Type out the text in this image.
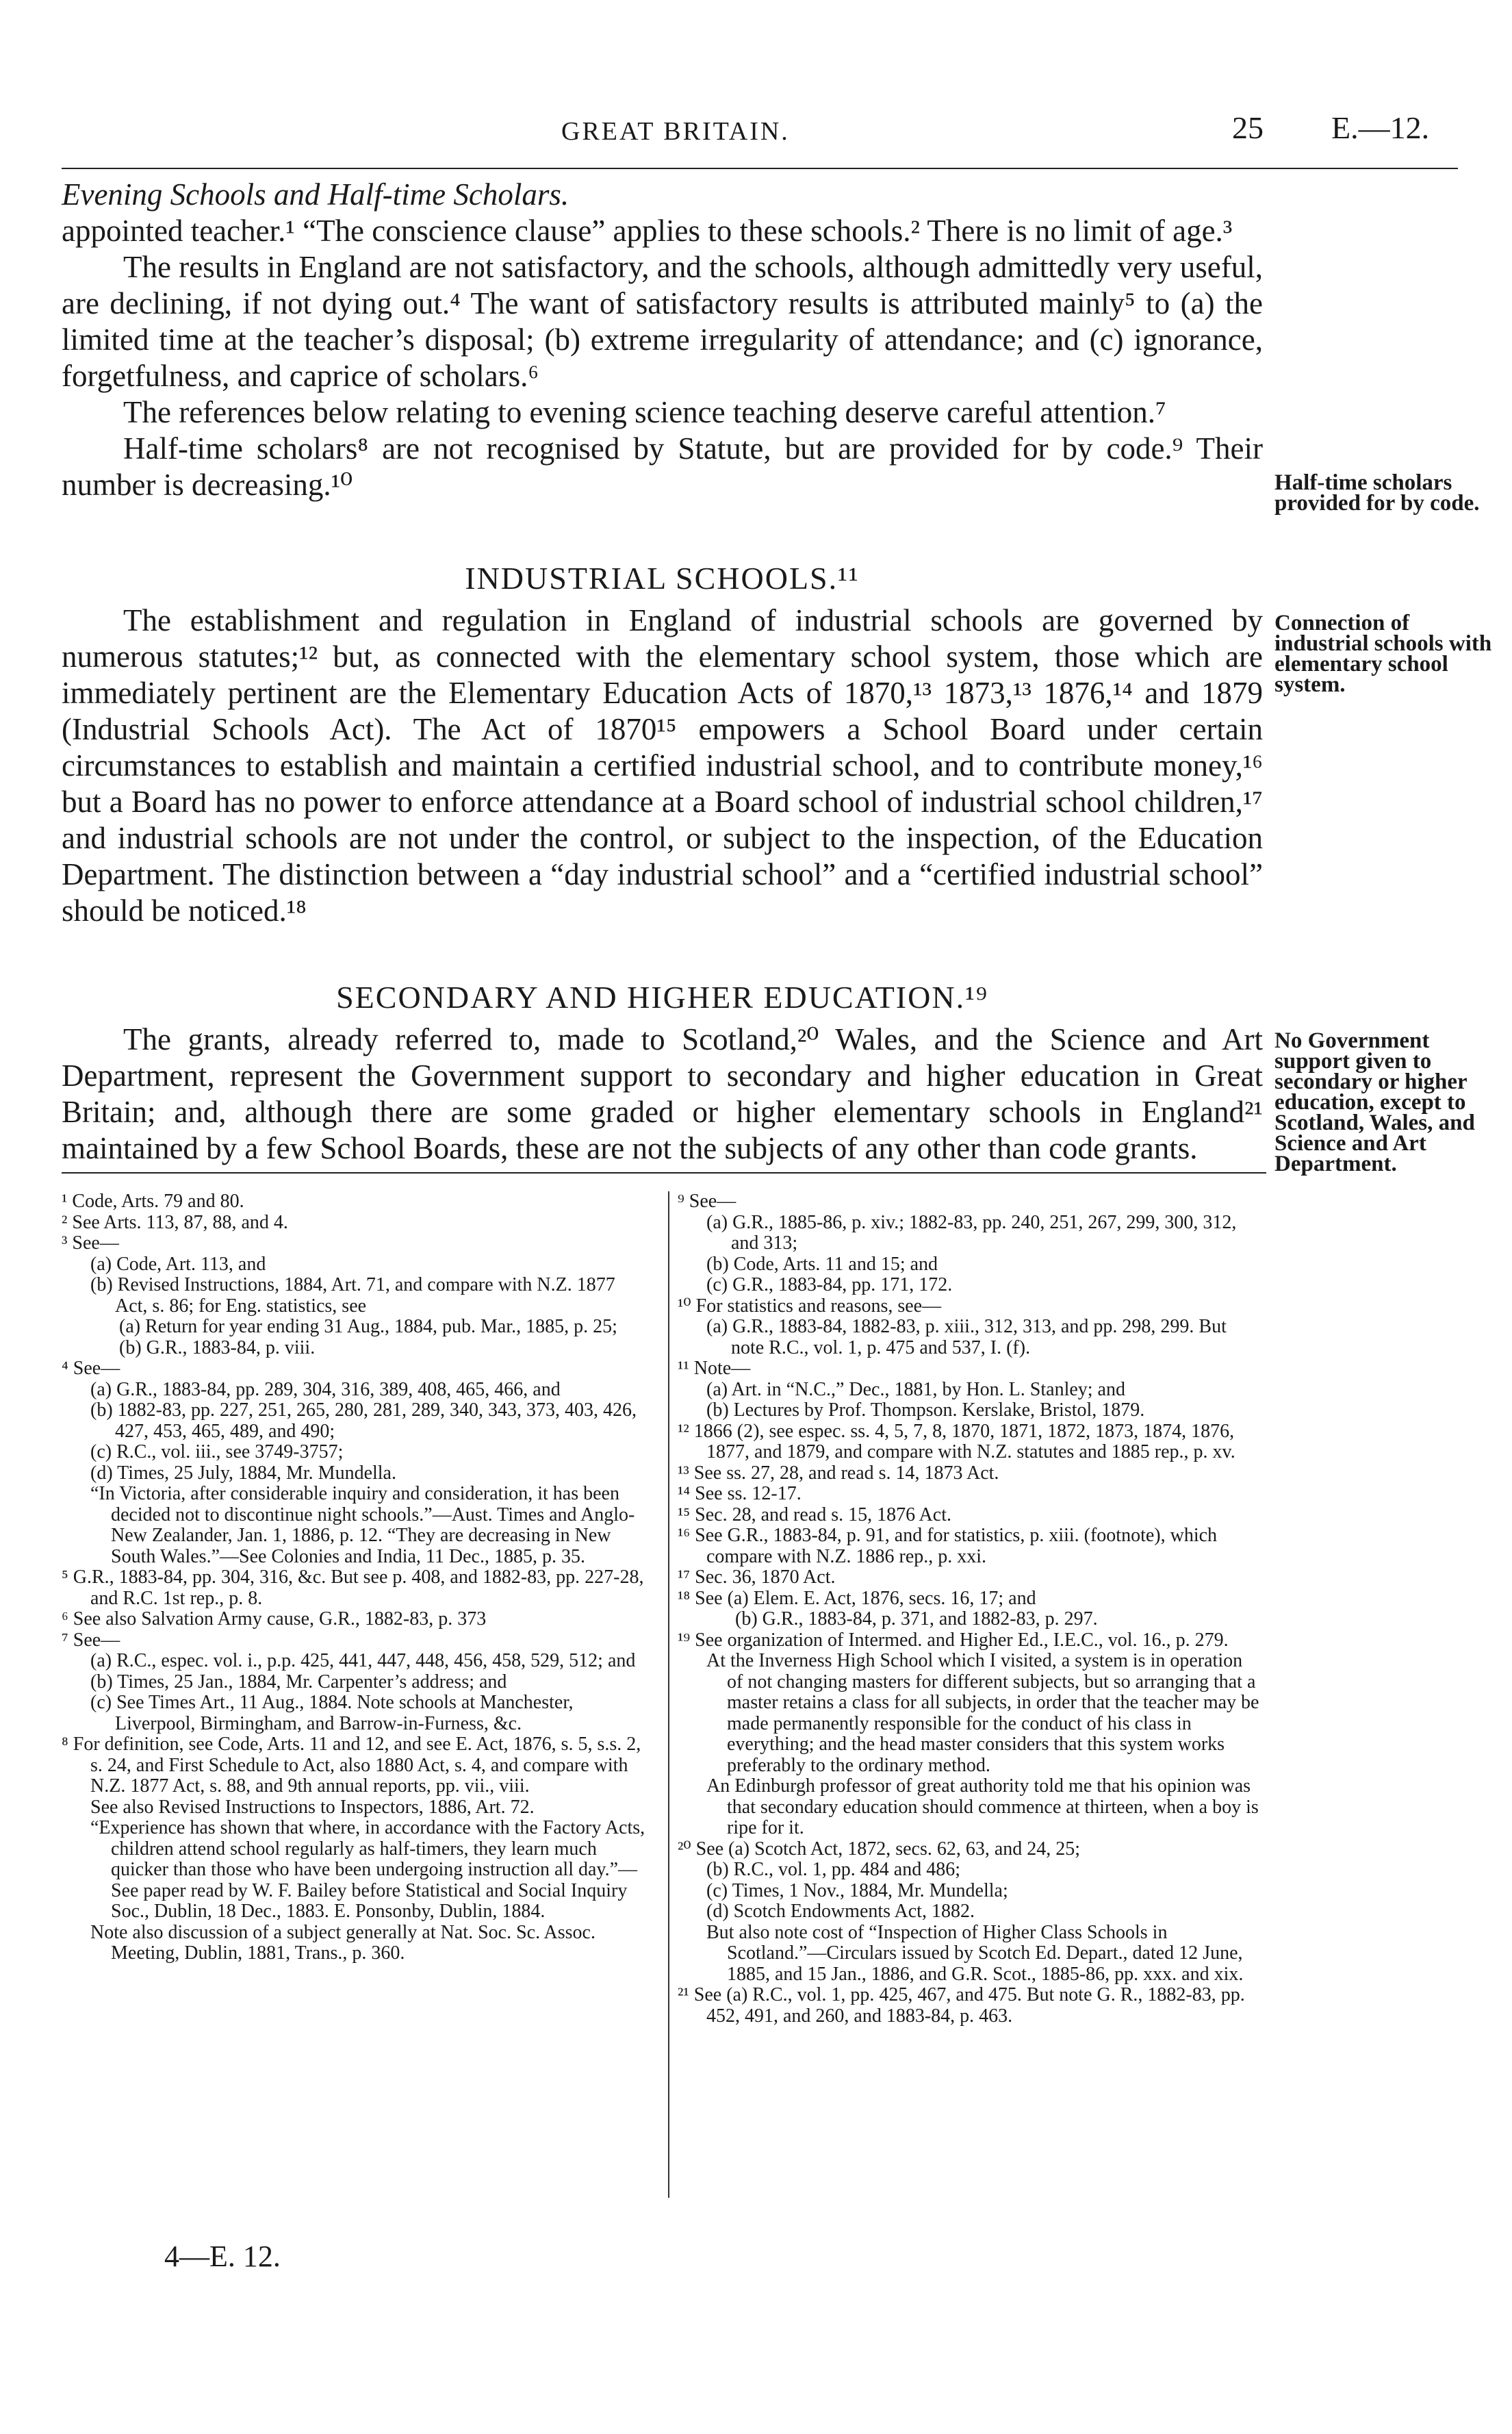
GREAT BRITAIN.	25 E.—12.

Evening Schools and Half-time Scholars.

appointed teacher.¹ “The conscience clause” applies to these schools.² There is no limit of age.³

The results in England are not satisfactory, and the schools, although admittedly very useful, are declining, if not dying out.⁴ The want of satisfactory results is attributed mainly⁵ to (a) the limited time at the teacher’s disposal; (b) extreme irregularity of attendance; and (c) ignorance, forgetfulness, and caprice of scholars.⁶

The references below relating to evening science teaching deserve careful attention.⁷

Half-time scholars⁸ are not recognised by Statute, but are provided for by code.⁹ Their number is decreasing.¹⁰	Half-time scholars provided for by code.
INDUSTRIAL SCHOOLS.¹¹

The establishment and regulation in England of industrial schools are governed by numerous statutes;¹² but, as connected with the elementary school system, those which are immediately pertinent are the Elementary Education Acts of 1870,¹³ 1873,¹³ 1876,¹⁴ and 1879 (Industrial Schools Act). The Act of 1870¹⁵ empowers a School Board under certain circumstances to establish and maintain a certified industrial school, and to contribute money,¹⁶ but a Board has no power to enforce attendance at a Board school of industrial school children,¹⁷ and industrial schools are not under the control, or subject to the inspection, of the Education Department. The distinction between a “day industrial school” and a “certified industrial school” should be noticed.¹⁸

Connection of industrial schools with elementary school system.
SECONDARY AND HIGHER EDUCATION.¹⁹

The grants, already referred to, made to Scotland,²⁰ Wales, and the Science and Art Department, represent the Government support to secondary and higher education in Great Britain; and, although there are some graded or higher elementary schools in England²¹ maintained by a few School Boards, these are not the subjects of any other than code grants.

No Government support given to secondary or higher education, except to Scotland, Wales, and Science and Art Department.

¹ Code, Arts. 79 and 80.

² See Arts. 113, 87, 88, and 4.

³ See—

(a) Code, Art. 113, and

(b) Revised Instructions, 1884, Art. 71, and compare with N.Z. 1877 Act, s. 86; for Eng. statistics, see

(a) Return for year ending 31 Aug., 1884, pub. Mar., 1885, p. 25;

(b) G.R., 1883-84, p. viii.

⁴ See—

(a) G.R., 1883-84, pp. 289, 304, 316, 389, 408, 465, 466, and

(b) 1882-83, pp. 227, 251, 265, 280, 281, 289, 340, 343, 373, 403, 426, 427, 453, 465, 489, and 490;

(c) R.C., vol. iii., see 3749-3757;

(d) Times, 25 July, 1884, Mr. Mundella.

“In Victoria, after considerable inquiry and consideration, it has been decided not to discontinue night schools.”—Aust. Times and Anglo-New Zealander, Jan. 1, 1886, p. 12. “They are decreasing in New South Wales.”—See Colonies and India, 11 Dec., 1885, p. 35.

⁵ G.R., 1883-84, pp. 304, 316, &c. But see p. 408, and 1882-83, pp. 227-28, and R.C. 1st rep., p. 8.

⁶ See also Salvation Army cause, G.R., 1882-83, p. 373

⁷ See—

(a) R.C., espec. vol. i., p.p. 425, 441, 447, 448, 456, 458, 529, 512; and

(b) Times, 25 Jan., 1884, Mr. Carpenter’s address; and

(c) See Times Art., 11 Aug., 1884. Note schools at Manchester, Liverpool, Birmingham, and Barrow-in-Furness, &c.

⁸ For definition, see Code, Arts. 11 and 12, and see E. Act, 1876, s. 5, s.s. 2, s. 24, and First Schedule to Act, also 1880 Act, s. 4, and compare with N.Z. 1877 Act, s. 88, and 9th annual reports, pp. vii., viii.

See also Revised Instructions to Inspectors, 1886, Art. 72.

“Experience has shown that where, in accordance with the Factory Acts, children attend school regularly as half-timers, they learn much quicker than those who have been undergoing instruction all day.”—See paper read by W. F. Bailey before Statistical and Social Inquiry Soc., Dublin, 18 Dec., 1883. E. Ponsonby, Dublin, 1884.

Note also discussion of a subject generally at Nat. Soc. Sc. Assoc. Meeting, Dublin, 1881, Trans., p. 360.

⁹ See—

(a) G.R., 1885-86, p. xiv.; 1882-83, pp. 240, 251, 267, 299, 300, 312, and 313;

(b) Code, Arts. 11 and 15; and

(c) G.R., 1883-84, pp. 171, 172.

¹⁰ For statistics and reasons, see—

(a) G.R., 1883-84, 1882-83, p. xiii., 312, 313, and pp. 298, 299. But note R.C., vol. 1, p. 475 and 537, I. (f).

¹¹ Note—

(a) Art. in “N.C.,” Dec., 1881, by Hon. L. Stanley; and

(b) Lectures by Prof. Thompson. Kerslake, Bristol, 1879.

¹² 1866 (2), see espec. ss. 4, 5, 7, 8, 1870, 1871, 1872, 1873, 1874, 1876, 1877, and 1879, and compare with N.Z. statutes and 1885 rep., p. xv.

¹³ See ss. 27, 28, and read s. 14, 1873 Act.

¹⁴ See ss. 12-17.

¹⁵ Sec. 28, and read s. 15, 1876 Act.

¹⁶ See G.R., 1883-84, p. 91, and for statistics, p. xiii. (footnote), which compare with N.Z. 1886 rep., p. xxi.

¹⁷ Sec. 36, 1870 Act.

¹⁸ See (a) Elem. E. Act, 1876, secs. 16, 17; and

(b) G.R., 1883-84, p. 371, and 1882-83, p. 297.

¹⁹ See organization of Intermed. and Higher Ed., I.E.C., vol. 16., p. 279.

At the Inverness High School which I visited, a system is in operation of not changing masters for different subjects, but so arranging that a master retains a class for all subjects, in order that the teacher may be made permanently responsible for the conduct of his class in everything; and the head master considers that this system works preferably to the ordinary method.

An Edinburgh professor of great authority told me that his opinion was that secondary education should commence at thirteen, when a boy is ripe for it.

²⁰ See (a) Scotch Act, 1872, secs. 62, 63, and 24, 25;

(b) R.C., vol. 1, pp. 484 and 486;

(c) Times, 1 Nov., 1884, Mr. Mundella;

(d) Scotch Endowments Act, 1882.

But also note cost of “Inspection of Higher Class Schools in Scotland.”—Circulars issued by Scotch Ed. Depart., dated 12 June, 1885, and 15 Jan., 1886, and G.R. Scot., 1885-86, pp. xxx. and xix.

²¹ See (a) R.C., vol. 1, pp. 425, 467, and 475. But note G. R., 1882-83, pp. 452, 491, and 260, and 1883-84, p. 463.

4—E. 12.
